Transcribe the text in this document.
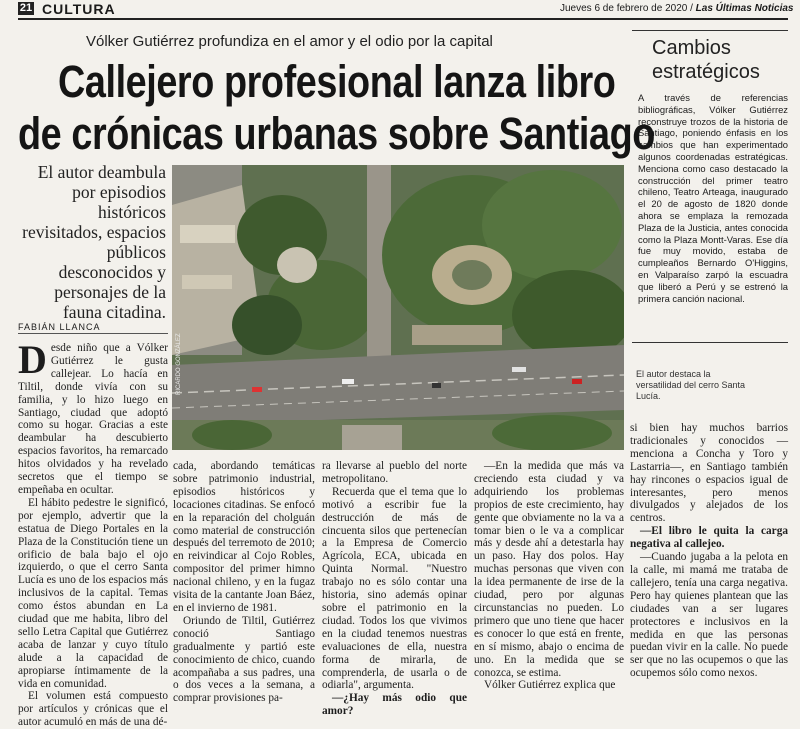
21 CULTURA	Jueves 6 de febrero de 2020 / Las Últimas Noticias
Vólker Gutiérrez profundiza en el amor y el odio por la capital
Callejero profesional lanza libro
de crónicas urbanas sobre Santiago
El autor deambula por episodios históricos revisitados, espacios públicos desconocidos y personajes de la fauna citadina.
FABIÁN LLANCA
RICARDO GONZÁLEZ
Cambios estratégicos
A través de referencias bibliográficas, Vólker Gutiérrez reconstruye trozos de la historia de Santiago, poniendo énfasis en los cambios que han experimentado algunos coordenadas estratégicas. Menciona como caso destacado la construcción del primer teatro chileno, Teatro Arteaga, inaugurado el 20 de agosto de 1820 donde ahora se emplaza la remozada Plaza de la Justicia, antes conocida como la Plaza Montt-Varas. Ese día fue muy movido, estaba de cumpleaños Bernardo O'Higgins, en Valparaíso zarpó la escuadra que liberó a Perú y se estrenó la primera canción nacional.
El autor destaca la versatilidad del cerro Santa Lucía.

Desde niño que a Vólker Gutiérrez le gusta callejear. Lo hacía en Tiltil, donde vivía con su familia, y lo hizo luego en Santiago, ciudad que adoptó como su hogar. Gracias a este deambular ha descubierto espacios favoritos, ha remarcado hitos olvidados y ha revelado secretos que el tiempo se empeñaba en ocultar.

El hábito pedestre le significó, por ejemplo, advertir que la estatua de Diego Portales en la Plaza de la Constitución tiene un orificio de bala bajo el ojo izquierdo, o que el cerro Santa Lucía es uno de los espacios más inclusivos de la capital. Temas como éstos abundan en La ciudad que me habita, libro del sello Letra Capital que Gutiérrez acaba de lanzar y cuyo título alude a la capacidad de apropiarse íntimamente de la vida en comunidad.

El volumen está compuesto por artículos y crónicas que el autor acumuló en más de una dé-

cada, abordando temáticas sobre patrimonio industrial, episodios históricos y locaciones citadinas. Se enfocó en la reparación del cholguán como material de construcción después del terremoto de 2010; en reivindicar al Cojo Robles, compositor del primer himno nacional chileno, y en la fugaz visita de la cantante Joan Báez, en el invierno de 1981.

Oriundo de Tiltil, Gutiérrez conoció Santiago gradualmente y partió este conocimiento de chico, cuando acompañaba a sus padres, una o dos veces a la semana, a comprar provisiones pa-

ra llevarse al pueblo del norte metropolitano.

Recuerda que el tema que lo motivó a escribir fue la destrucción de más de cincuenta silos que pertenecían a la Empresa de Comercio Agrícola, ECA, ubicada en Quinta Normal. "Nuestro trabajo no es sólo contar una historia, sino además opinar sobre el patrimonio en la ciudad. Todos los que vivimos en la ciudad tenemos nuestras evaluaciones de ella, nuestra forma de mirarla, de comprenderla, de usarla o de odiarla", argumenta.

—¿Hay más odio que amor?

—En la medida que más va creciendo esta ciudad y va adquiriendo los problemas propios de este crecimiento, hay gente que obviamente no la va a tomar bien o le va a complicar más y desde ahí a detestarla hay un paso. Hay dos polos. Hay muchas personas que viven con la idea permanente de irse de la ciudad, pero por algunas circunstancias no pueden. Lo primero que uno tiene que hacer es conocer lo que está en frente, en sí mismo, abajo o encima de uno. En la medida que se conozca, se estima.

Vólker Gutiérrez explica que

si bien hay muchos barrios tradicionales y conocidos —menciona a Concha y Toro y Lastarria—, en Santiago también hay rincones o espacios igual de interesantes, pero menos divulgados y alejados de los centros.

—El libro le quita la carga negativa al callejeo.

—Cuando jugaba a la pelota en la calle, mi mamá me trataba de callejero, tenía una carga negativa. Pero hay quienes plantean que las ciudades van a ser lugares protectores e inclusivos en la medida en que las personas puedan vivir en la calle. No puede ser que no las ocupemos o que las ocupemos sólo como nexos.
